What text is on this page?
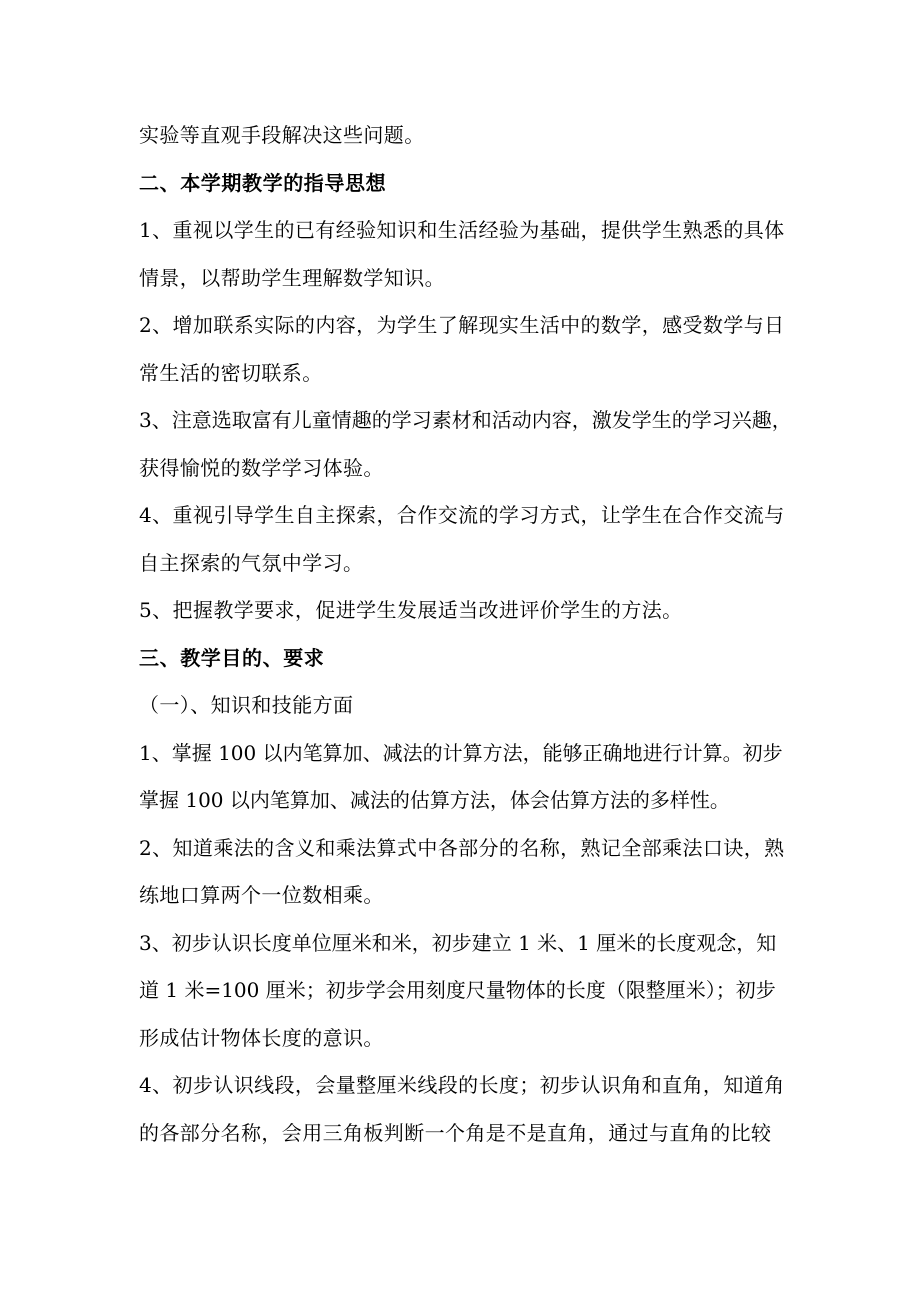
实验等直观手段解决这些问题。
二、本学期教学的指导思想
1、重视以学生的已有经验知识和生活经验为基础，提供学生熟悉的具体
情景，以帮助学生理解数学知识。
2、增加联系实际的内容，为学生了解现实生活中的数学，感受数学与日
常生活的密切联系。
3、注意选取富有儿童情趣的学习素材和活动内容，激发学生的学习兴趣，
获得愉悦的数学学习体验。
4、重视引导学生自主探索，合作交流的学习方式，让学生在合作交流与
自主探索的气氛中学习。
5、把握教学要求，促进学生发展适当改进评价学生的方法。
三、教学目的、要求
（一）、知识和技能方面
1、掌握 100 以内笔算加、减法的计算方法，能够正确地进行计算。初步
掌握 100 以内笔算加、减法的估算方法，体会估算方法的多样性。
2、知道乘法的含义和乘法算式中各部分的名称，熟记全部乘法口诀，熟
练地口算两个一位数相乘。
3、初步认识长度单位厘米和米，初步建立 1 米、1 厘米的长度观念，知
道 1 米=100 厘米；初步学会用刻度尺量物体的长度（限整厘米）；初步
形成估计物体长度的意识。
4、初步认识线段，会量整厘米线段的长度；初步认识角和直角，知道角
的各部分名称，会用三角板判断一个角是不是直角，通过与直角的比较
